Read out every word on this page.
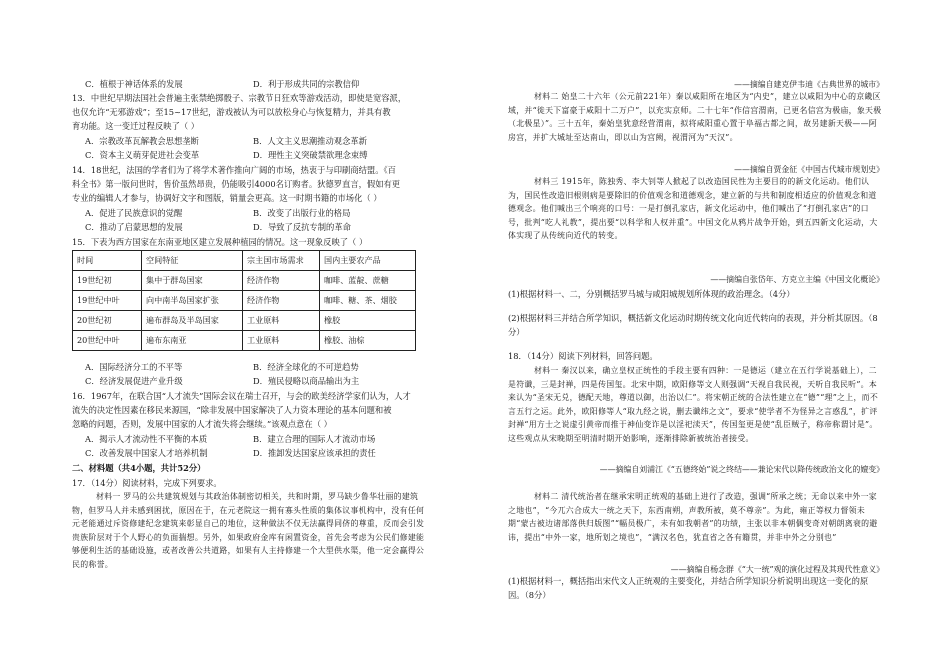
C．植根于神话体系的发展	D．利于形成共同的宗教信仰
13．中世纪早期法国社会普遍主张禁绝掷骰子、宗教节日狂欢等游戏活动，即使是宽容派，
也仅允许“无邪游戏”；至15~17世纪，游戏被认为可以放松身心与恢复精力，并具有教
育功能。这一变迁过程反映了（ ）
A．宗教改革瓦解教会思想垄断	B．人文主义思潮推动观念革新
C．资本主义萌芽促进社会变革	D．理性主义突破禁欲理念束缚
14．18世纪，法国的学者们为了将学术著作推向广阔的市场，热衷于与印刷商结盟。《百
科全书》第一版问世时，售价虽然昂贵，仍能吸引4000名订购者。狄德罗直言，假如有更
专业的编辑人才参与，协调好文字和图版，销量会更高。这一时期书籍的市场化（ ）
A．促进了民族意识的觉醒	B．改变了出版行业的格局
C．推动了启蒙思想的发展	D．导致了反抗专制的革命
15．下表为西方国家在东南亚地区建立发展种植园的情况。这一现象反映了（ ）
时间	空间特征	宗主国市场需求	国内主要农产品
19世纪初	集中于群岛国家	经济作物	咖啡、蓝靛、蔗糖
19世纪中叶	向中南半岛国家扩张	经济作物	咖啡、糖、茶、烟胶
20世纪初	遍布群岛及半岛国家	工业原料	橡胶
20世纪中叶	遍布东南亚	工业原料	橡胶、油棕
A．国际经济分工的不平等	B．经济全球化的不可逆趋势
C．经济发展促进产业升级	D．殖民侵略以商品输出为主
16．1967年，在联合国“人才流失”国际会议在瑞士召开，与会的欧美经济学家们认为，人才
流失的决定性因素在移民来源国，“除非发展中国家解决了人力资本理论的基本问题和被
忽略的问题，否则，发展中国家的人才流失将会继续。”该观点意在（ ）
A．揭示人才流动性不平衡的本质	B．建立合理的国际人才流动市场
C．改善发展中国家人才培养机制	D．推卸发达国家应该承担的责任
二、材料题（共4小题，共计52分）
17．（14分）阅读材料，完成下列要求。
材料一 罗马的公共建筑规划与其政治体制密切相关，共和时期，罗马缺少鲁华壮丽的建筑物，但罗马人并未感到困扰，原因在于，在元老院这一拥有寡头性质的集体议事机构中，没有任何元老能通过斥资修建纪念建筑来彰显自己的地位，这种做法不仅无法赢得同侪的尊重，反而会引发贵族阶层对于个人野心的负面揣想。另外，如果政府金库有闲置资金，首先会考虑为公民们修建能够便利生活的基础设施，或者改善公共道路，如果有人主持修建一个大型供水渠，他一定会赢得公民的称誉。
——摘编自建克伊韦迪《古典世界的城市》
材料二 始皇二十六年（公元前221年）秦以咸阳所在地区为“内史”，建立以咸阳为中心的京畿区域，并“徙天下富豪于咸阳十二万户”，以充实京师。二十七年“作信宫渭南，已更名信宫为极庙，象天极（北极星）”。三十五年，秦始皇犹意经营渭南，拟将咸阳重心置于阜福古都之间，故另建新天极——阿房宫，并扩大城址至达南山，即以山为宫阙，视渭河为“天汉”。
——摘编自贾金征《中国古代城市规划史》
材料三 1915年，陈独秀、李大钊等人掀起了以改造国民性为主要目的的新文化运动。他们认为，国民性改造旧根则病是要除旧的价值观念和道德观念，建立新的与共和制度相适应的价值观念和道德观念。他们喊出三个响亮的口号：一是打倒孔家店，新文化运动中，他们喊出了“打倒孔家店”的口号，批判“吃人礼教”，提出要“以科学和人权并重”。中国文化从鸦片战争开始，到五四新文化运动，大体实现了从传统向近代的转变。
——摘编自张岱年、方克立主编《中国文化概论》
(1)根据材料一、二，分别概括罗马城与咸阳城规划所体现的政治理念。（4分）
(2)根据材料三并结合所学知识，概括新文化运动时期传统文化向近代转向的表现，并分析其原因。（8分）
18．（14分）阅读下列材料，回答问题。
材料一 秦汉以来，确立皇权正统性的手段主要有四种：一是德运（建立在五行学说基础上），二是符谶，三是封禅，四是传国玺。北宋中期，欧阳修等文人则强调“天视自我民视，天听自我民听”。本来认为“圣宋无兑，德配天地，尊道以御，出治以仁”。将宋朝正统的合法性建立在“德”“理”之上，而不言五行之运。此外，欧阳修等人“取九经之说，删去谶纬之文”，要求“使学者不为怪异之言惑乱”，扩评封禅“用方士之说虚引黄帝而推于神仙变诈是以淫祀渎天”，传国玺更是使“乱臣贼子，称帝称谓讨是”。这些观点从宋晚期至明清时期开始影响，逐渐排除新被统治者接受。
——摘编自刘浦江《“五德终始”说之终结——兼论宋代以降传统政治文化的嬗变》
材料二 清代统治者在继承宋明正统观的基础上进行了改造，强调“所承之统；无命以来中外一家之地也”，“今兀六合成大一统之天下，东西南朔，声教所被，莫不尊亲”。为此，雍正等权力督领未期“蒙古被边诸部落供归版图”“幅员极广，未有如我朝者”的功绩，主张以非本朝偶变奇对朝朗离衰的避讳，提出“中外一家，地所划之境也”，“满汉名色，犹直省之各有籍贯，并非中外之分别也”
——摘编自杨念群《“大一统”观的演化过程及其现代性意义》
(1)根据材料一，概括指出宋代文人正统观的主要变化，并结合所学知识分析说明出现这一变化的原因。（8分）
